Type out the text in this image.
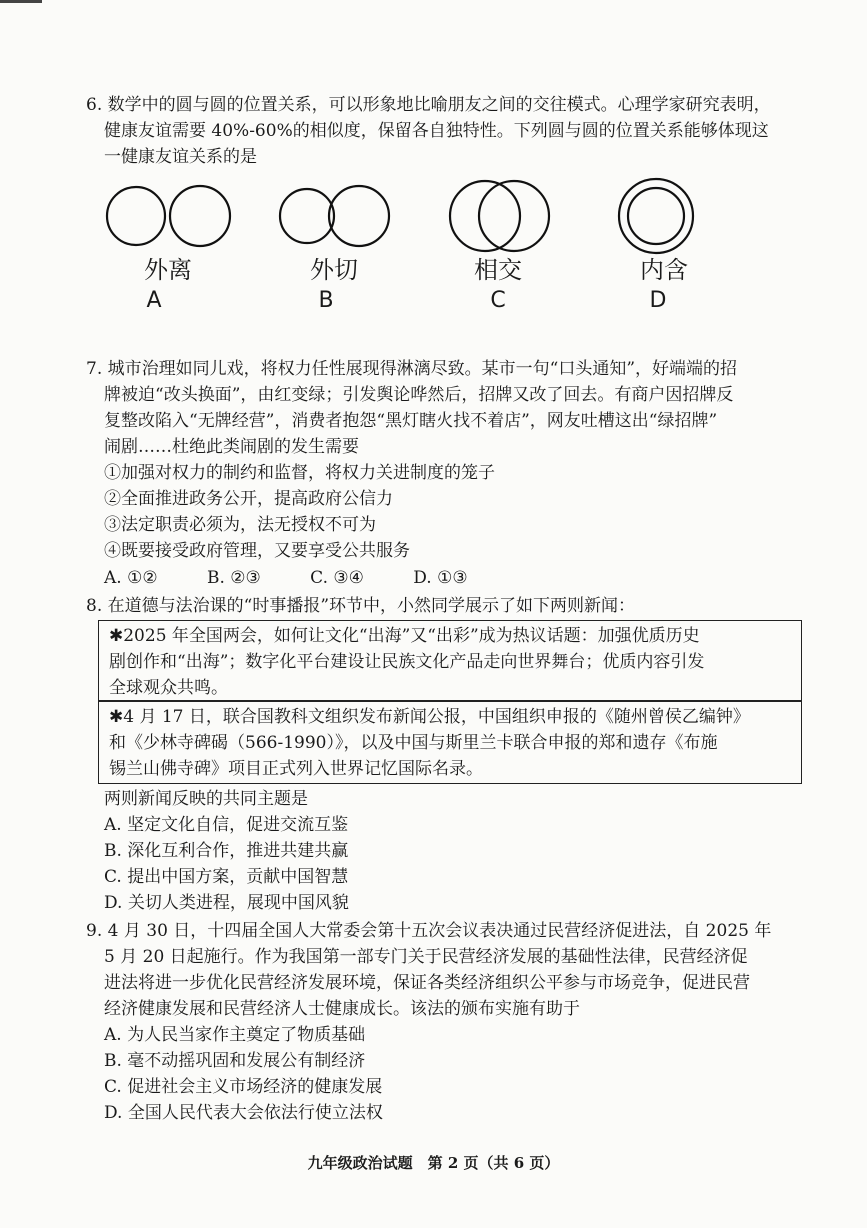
6. 数学中的圆与圆的位置关系，可以形象地比喻朋友之间的交往模式。心理学家研究表明，
健康友谊需要 40%-60%的相似度，保留各自独特性。下列圆与圆的位置关系能够体现这
一健康友谊关系的是
外离	外切	相交	内含
A	B	C	D
7. 城市治理如同儿戏，将权力任性展现得淋漓尽致。某市一句“口头通知”，好端端的招
牌被迫“改头换面”，由红变绿；引发舆论哗然后，招牌又改了回去。有商户因招牌反
复整改陷入“无牌经营”，消费者抱怨“黑灯瞎火找不着店”，网友吐槽这出“绿招牌”
闹剧……杜绝此类闹剧的发生需要
①加强对权力的制约和监督，将权力关进制度的笼子
②全面推进政务公开，提高政府公信力
③法定职责必须为，法无授权不可为
④既要接受政府管理，又要享受公共服务
A. ①②	B. ②③	C. ③④	D. ①③
8. 在道德与法治课的“时事播报”环节中，小然同学展示了如下两则新闻：
✱2025 年全国两会，如何让文化“出海”又“出彩”成为热议话题：加强优质历史
剧创作和“出海”；数字化平台建设让民族文化产品走向世界舞台；优质内容引发
全球观众共鸣。
✱4 月 17 日，联合国教科文组织发布新闻公报，中国组织申报的《随州曾侯乙编钟》
和《少林寺碑碣（566-1990）》，以及中国与斯里兰卡联合申报的郑和遗存《布施
锡兰山佛寺碑》项目正式列入世界记忆国际名录。
两则新闻反映的共同主题是
A. 坚定文化自信，促进交流互鉴
B. 深化互利合作，推进共建共赢
C. 提出中国方案，贡献中国智慧
D. 关切人类进程，展现中国风貌
9. 4 月 30 日，十四届全国人大常委会第十五次会议表决通过民营经济促进法，自 2025 年
5 月 20 日起施行。作为我国第一部专门关于民营经济发展的基础性法律，民营经济促
进法将进一步优化民营经济发展环境，保证各类经济组织公平参与市场竞争，促进民营
经济健康发展和民营经济人士健康成长。该法的颁布实施有助于
A. 为人民当家作主奠定了物质基础
B. 毫不动摇巩固和发展公有制经济
C. 促进社会主义市场经济的健康发展
D. 全国人民代表大会依法行使立法权
九年级政治试题　第 2 页（共 6 页）
